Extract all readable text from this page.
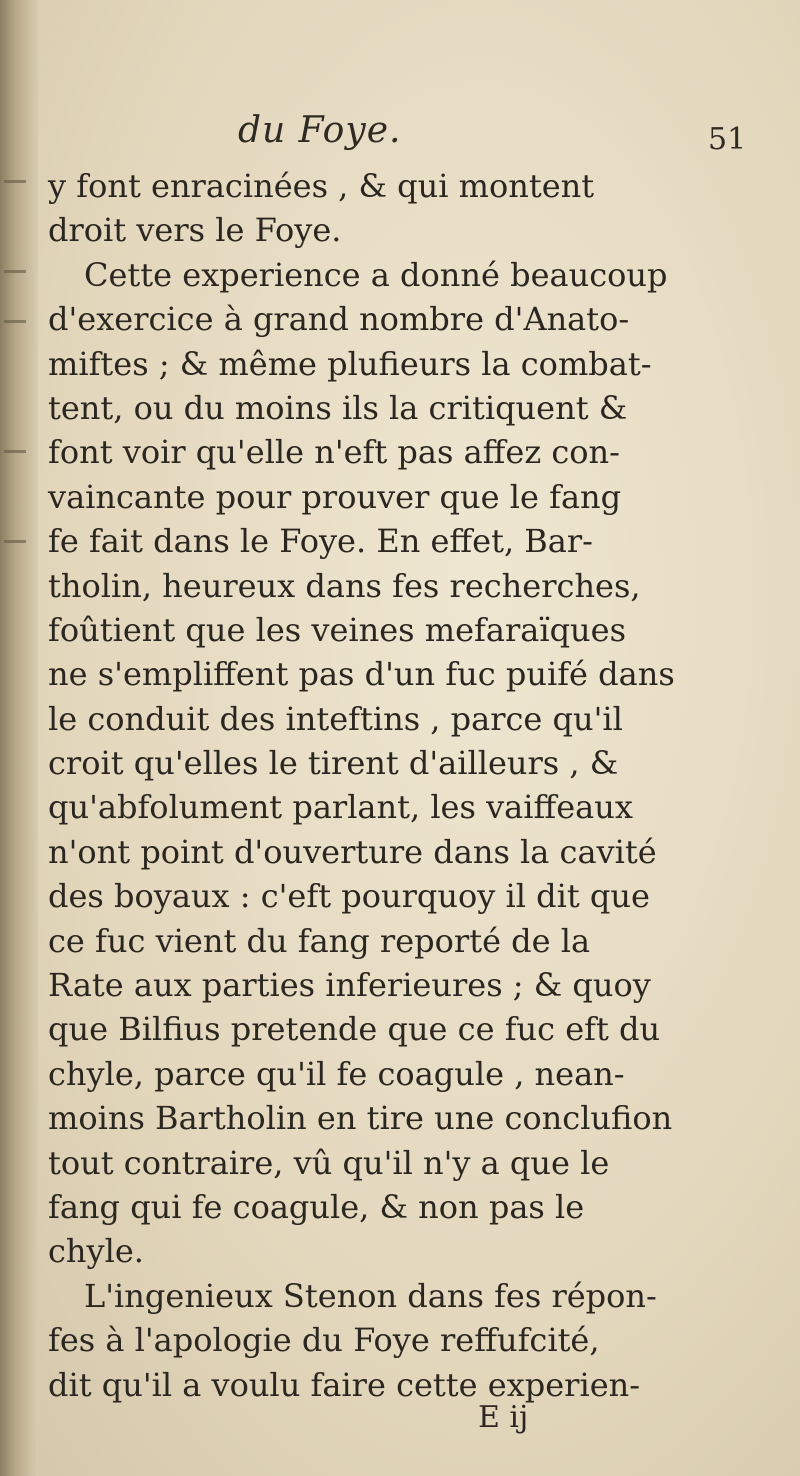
du Foye.	51
y font enracinées , & qui montent
droit vers le Foye.
Cette experience a donné beaucoup
d'exercice à grand nombre d'Anato-
miftes ; & même plufieurs la combat-
tent, ou du moins ils la critiquent &
font voir qu'elle n'eft pas affez con-
vaincante pour prouver que le fang
fe fait dans le Foye. En effet, Bar-
tholin, heureux dans fes recherches,
foûtient que les veines mefaraïques
ne s'empliffent pas d'un fuc puifé dans
le conduit des inteftins , parce qu'il
croit qu'elles le tirent d'ailleurs , &
qu'abfolument parlant, les vaiffeaux
n'ont point d'ouverture dans la cavité
des boyaux : c'eft pourquoy il dit que
ce fuc vient du fang reporté de la
Rate aux parties inferieures ; & quoy
que Bilfius pretende que ce fuc eft du
chyle, parce qu'il fe coagule , nean-
moins Bartholin en tire une conclufion
tout contraire, vû qu'il n'y a que le
fang qui fe coagule, & non pas le
chyle.
L'ingenieux Stenon dans fes répon-
fes à l'apologie du Foye reffufcité,
dit qu'il a voulu faire cette experien-
E ij
